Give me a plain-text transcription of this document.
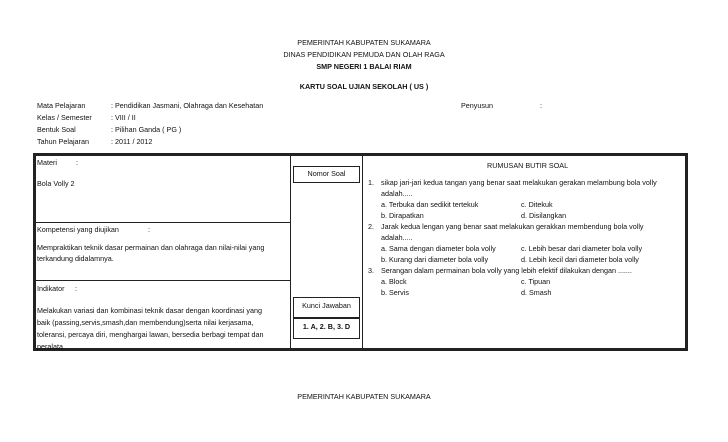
PEMERINTAH KABUPATEN SUKAMARA
DINAS PENDIDIKAN PEMUDA DAN OLAH RAGA
SMP NEGERI 1 BALAI RIAM
KARTU SOAL UJIAN SEKOLAH ( US )
Mata Pelajaran	: Pendidikan Jasmani, Olahraga dan Kesehatan
Kelas / Semester	: VIII / II
Bentuk Soal	: Pilihan Ganda ( PG )
Tahun Pelajaran	: 2011 / 2012
Penyusun	:
Materi	:
Bola Volly 2
Kompetensi yang diujikan	:
Mempraktikan teknik dasar permainan dan olahraga dan nilai-nilai yang
terkandung didalamnya.
Indikator :
Melakukan variasi dan kombinasi teknik dasar dengan koordinasi yang
baik (passing,servis,smash,dan membendung)serta nilai kerjasama,
toleransi, percaya diri, menghargai lawan, bersedia berbagi tempat dan
peralata.
Nomor Soal
Kunci Jawaban
1. A, 2. B, 3. D
RUMUSAN BUTIR SOAL
1. sikap jari-jari kedua tangan yang benar saat melakukan gerakan melambung bola volly
adalah.....
a. Terbuka dan sedikit tertekuk	c. Ditekuk
b. Dirapatkan	d. Disilangkan
2. Jarak kedua lengan yang benar saat melakukan gerakkan membendung bola volly
adalah.....
a. Sama dengan diameter bola volly	c. Lebih besar dari diameter bola volly
b. Kurang dari diameter bola volly	d. Lebih kecil dari diameter bola volly
3. Serangan dalam permainan bola volly yang lebih efektif dilakukan dengan .......
a. Block	c. Tipuan
b. Servis	d. Smash
PEMERINTAH KABUPATEN SUKAMARA
